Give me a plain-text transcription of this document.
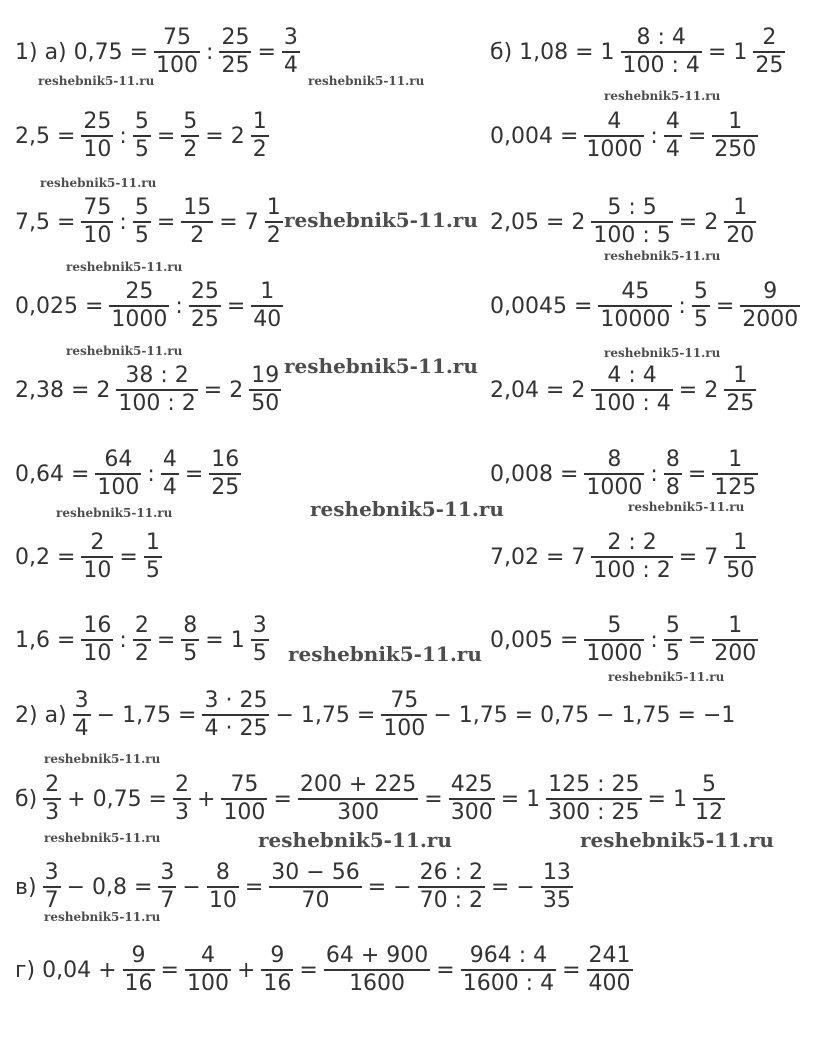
1) а) 0,75 =
75
100
:
25
25
=
3
4
б) 1,08 = 1
8 : 4
100 : 4
= 1
2
25
2,5 =
25
10
:
5
5
=
5
2
= 2
1
2
0,004 =
4
1000
:
4
4
=
1
250
7,5 =
75
10
:
5
5
=
15
2
= 7
1
2
2,05 = 2
5 : 5
100 : 5
= 2
1
20
0,025 =
25
1000
:
25
25
=
1
40
0,0045 =
45
10000
:
5
5
=
9
2000
2,38 = 2
38 : 2
100 : 2
= 2
19
50
2,04 = 2
4 : 4
100 : 4
= 2
1
25
0,64 =
64
100
:
4
4
=
16
25
0,008 =
8
1000
:
8
8
=
1
125
0,2 =
2
10
=
1
5
7,02 = 7
2 : 2
100 : 2
= 7
1
50
1,6 =
16
10
:
2
2
=
8
5
= 1
3
5
0,005 =
5
1000
:
5
5
=
1
200
2) а)
3
4
− 1,75 =
3 · 25
4 · 25
− 1,75 =
75
100
− 1,75 = 0,75 − 1,75 = −1
б)
2
3
+ 0,75 =
2
3
+
75
100
=
200 + 225
300
=
425
300
= 1
125 : 25
300 : 25
= 1
5
12
в)
3
7
− 0,8 =
3
7
−
8
10
=
30 − 56
70
= −
26 : 2
70 : 2
= −
13
35
г) 0,04 +
9
16
=
4
100
+
9
16
=
64 + 900
1600
=
964 : 4
1600 : 4
=
241
400
reshebnik5-11.ru	reshebnik5-11.ru
reshebnik5-11.ru
reshebnik5-11.ru
reshebnik5-11.ru
reshebnik5-11.ru
reshebnik5-11.ru
reshebnik5-11.ru	reshebnik5-11.ru
reshebnik5-11.ru
reshebnik5-11.ru
reshebnik5-11.ru	reshebnik5-11.ru
reshebnik5-11.ru
reshebnik5-11.ru
reshebnik5-11.ru
reshebnik5-11.ru	reshebnik5-11.ru	reshebnik5-11.ru
reshebnik5-11.ru
